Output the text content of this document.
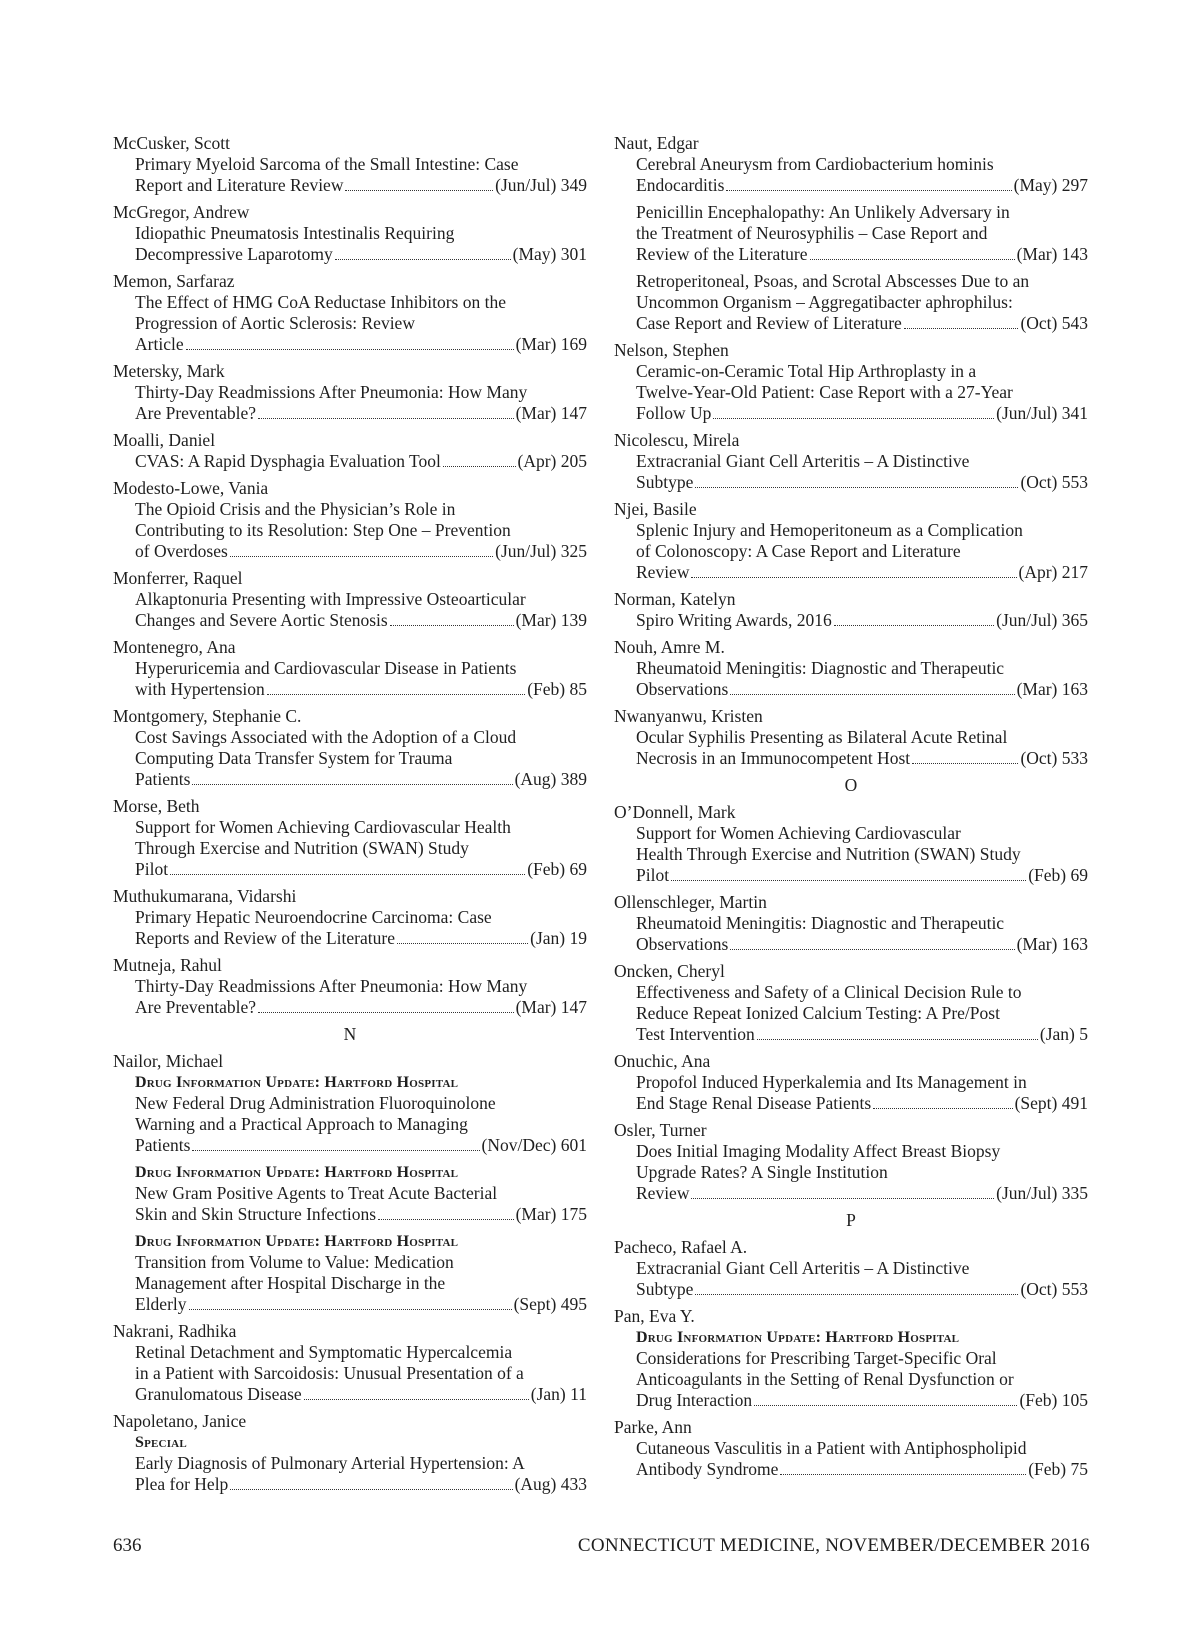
McCusker, Scott
Primary Myeloid Sarcoma of the Small Intestine: Case
Report and Literature Review	(Jun/Jul) 349
McGregor, Andrew
Idiopathic Pneumatosis Intestinalis Requiring
Decompressive Laparotomy	(May) 301
Memon, Sarfaraz
The Effect of HMG CoA Reductase Inhibitors on the
Progression of Aortic Sclerosis: Review
Article	(Mar) 169
Metersky, Mark
Thirty-Day Readmissions After Pneumonia: How Many
Are Preventable?	(Mar) 147
Moalli, Daniel
CVAS: A Rapid Dysphagia Evaluation Tool	(Apr) 205
Modesto-Lowe, Vania
The Opioid Crisis and the Physician’s Role in
Contributing to its Resolution: Step One – Prevention
of Overdoses	(Jun/Jul) 325
Monferrer, Raquel
Alkaptonuria Presenting with Impressive Osteoarticular
Changes and Severe Aortic Stenosis	(Mar) 139
Montenegro, Ana
Hyperuricemia and Cardiovascular Disease in Patients
with Hypertension	(Feb) 85
Montgomery, Stephanie C.
Cost Savings Associated with the Adoption of a Cloud
Computing Data Transfer System for Trauma
Patients	(Aug) 389
Morse, Beth
Support for Women Achieving Cardiovascular Health
Through Exercise and Nutrition (SWAN) Study
Pilot	(Feb) 69
Muthukumarana, Vidarshi
Primary Hepatic Neuroendocrine Carcinoma: Case
Reports and Review of the Literature	(Jan) 19
Mutneja, Rahul
Thirty-Day Readmissions After Pneumonia: How Many
Are Preventable?	(Mar) 147
N
Nailor, Michael
Drug Information Update: Hartford Hospital
New Federal Drug Administration Fluoroquinolone
Warning and a Practical Approach to Managing
Patients	(Nov/Dec) 601
Drug Information Update: Hartford Hospital
New Gram Positive Agents to Treat Acute Bacterial
Skin and Skin Structure Infections	(Mar) 175
Drug Information Update: Hartford Hospital
Transition from Volume to Value: Medication
Management after Hospital Discharge in the
Elderly	(Sept) 495
Nakrani, Radhika
Retinal Detachment and Symptomatic Hypercalcemia
in a Patient with Sarcoidosis: Unusual Presentation of a
Granulomatous Disease	(Jan) 11
Napoletano, Janice
Special
Early Diagnosis of Pulmonary Arterial Hypertension: A
Plea for Help	(Aug) 433
Naut, Edgar
Cerebral Aneurysm from Cardiobacterium hominis
Endocarditis	(May) 297
Penicillin Encephalopathy: An Unlikely Adversary in
the Treatment of Neurosyphilis – Case Report and
Review of the Literature	(Mar) 143
Retroperitoneal, Psoas, and Scrotal Abscesses Due to an
Uncommon Organism – Aggregatibacter aphrophilus:
Case Report and Review of Literature	(Oct) 543
Nelson, Stephen
Ceramic-on-Ceramic Total Hip Arthroplasty in a
Twelve-Year-Old Patient: Case Report with a 27-Year
Follow Up	(Jun/Jul) 341
Nicolescu, Mirela
Extracranial Giant Cell Arteritis – A Distinctive
Subtype	(Oct) 553
Njei, Basile
Splenic Injury and Hemoperitoneum as a Complication
of Colonoscopy: A Case Report and Literature
Review	(Apr) 217
Norman, Katelyn
Spiro Writing Awards, 2016	(Jun/Jul) 365
Nouh, Amre M.
Rheumatoid Meningitis: Diagnostic and Therapeutic
Observations	(Mar) 163
Nwanyanwu, Kristen
Ocular Syphilis Presenting as Bilateral Acute Retinal
Necrosis in an Immunocompetent Host	(Oct) 533
O
O’Donnell, Mark
Support for Women Achieving Cardiovascular
Health Through Exercise and Nutrition (SWAN) Study
Pilot	(Feb) 69
Ollenschleger, Martin
Rheumatoid Meningitis: Diagnostic and Therapeutic
Observations	(Mar) 163
Oncken, Cheryl
Effectiveness and Safety of a Clinical Decision Rule to
Reduce Repeat Ionized Calcium Testing: A Pre/Post
Test Intervention	(Jan) 5
Onuchic, Ana
Propofol Induced Hyperkalemia and Its Management in
End Stage Renal Disease Patients	(Sept) 491
Osler, Turner
Does Initial Imaging Modality Affect Breast Biopsy
Upgrade Rates? A Single Institution
Review	(Jun/Jul) 335
P
Pacheco, Rafael A.
Extracranial Giant Cell Arteritis – A Distinctive
Subtype	(Oct) 553
Pan, Eva Y.
Drug Information Update: Hartford Hospital
Considerations for Prescribing Target-Specific Oral
Anticoagulants in the Setting of Renal Dysfunction or
Drug Interaction	(Feb) 105
Parke, Ann
Cutaneous Vasculitis in a Patient with Antiphospholipid
Antibody Syndrome	(Feb) 75
636	CONNECTICUT MEDICINE, NOVEMBER/DECEMBER 2016
